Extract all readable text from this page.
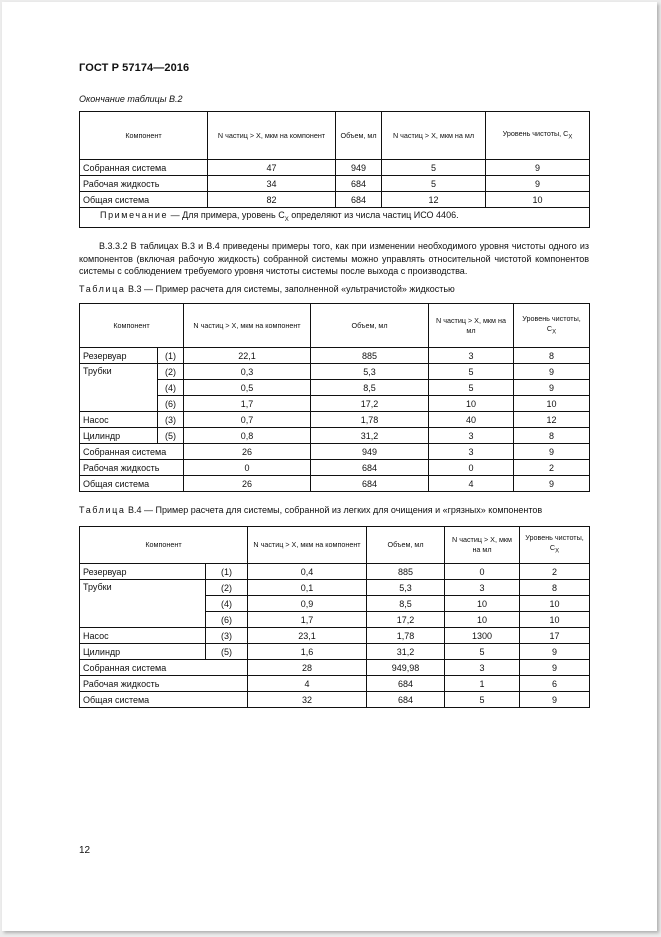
ГОСТ Р 57174—2016
Окончание таблицы В.2
Компонент	N частиц > X, мкм на компонент	Объем, мл	N частиц > X, мкм на мл	Уровень чистоты, $C_X$
Собранная система	47	949	5	9
Рабочая жидкость	34	684	5	9
Общая система	82	684	12	10
Примечание — Для примера, уровень $C_X$ определяют из числа частиц ИСО 4406.				

В.3.3.2 В таблицах В.3 и В.4 приведены примеры того, как при изменении необходимого уровня чистоты одного из компонентов (включая рабочую жидкость) собранной системы можно управлять относительной чистотой компонентов системы с соблюдением требуемого уровня чистоты системы после выхода с производства.

Таблица В.3 — Пример расчета для системы, заполненной «ультрачистой» жидкостью
Компонент		N частиц > X, мкм на компонент	Объем, мл	N частиц > X, мкм на мл	Уровень чистоты, $C_X$
Резервуар	(1)	22,1	885	3	8
Трубки	(2)	0,3	5,3	5	9
	(4)	0,5	8,5	5	9
	(6)	1,7	17,2	10	10
Насос	(3)	0,7	1,78	40	12
Цилиндр	(5)	0,8	31,2	3	8
Собранная система		26	949	3	9
Рабочая жидкость		0	684	0	2
Общая система		26	684	4	9
Таблица В.4 — Пример расчета для системы, собранной из легких для очищения и «грязных» компонентов
Компонент		N частиц > X, мкм на компонент	Объем, мл	N частиц > X, мкм на мл	Уровень чистоты, $C_X$
Резервуар	(1)	0,4	885	0	2
Трубки	(2)	0,1	5,3	3	8
	(4)	0,9	8,5	10	10
	(6)	1,7	17,2	10	10
Насос	(3)	23,1	1,78	1300	17
Цилиндр	(5)	1,6	31,2	5	9
Собранная система		28	949,98	3	9
Рабочая жидкость		4	684	1	6
Общая система		32	684	5	9
12
